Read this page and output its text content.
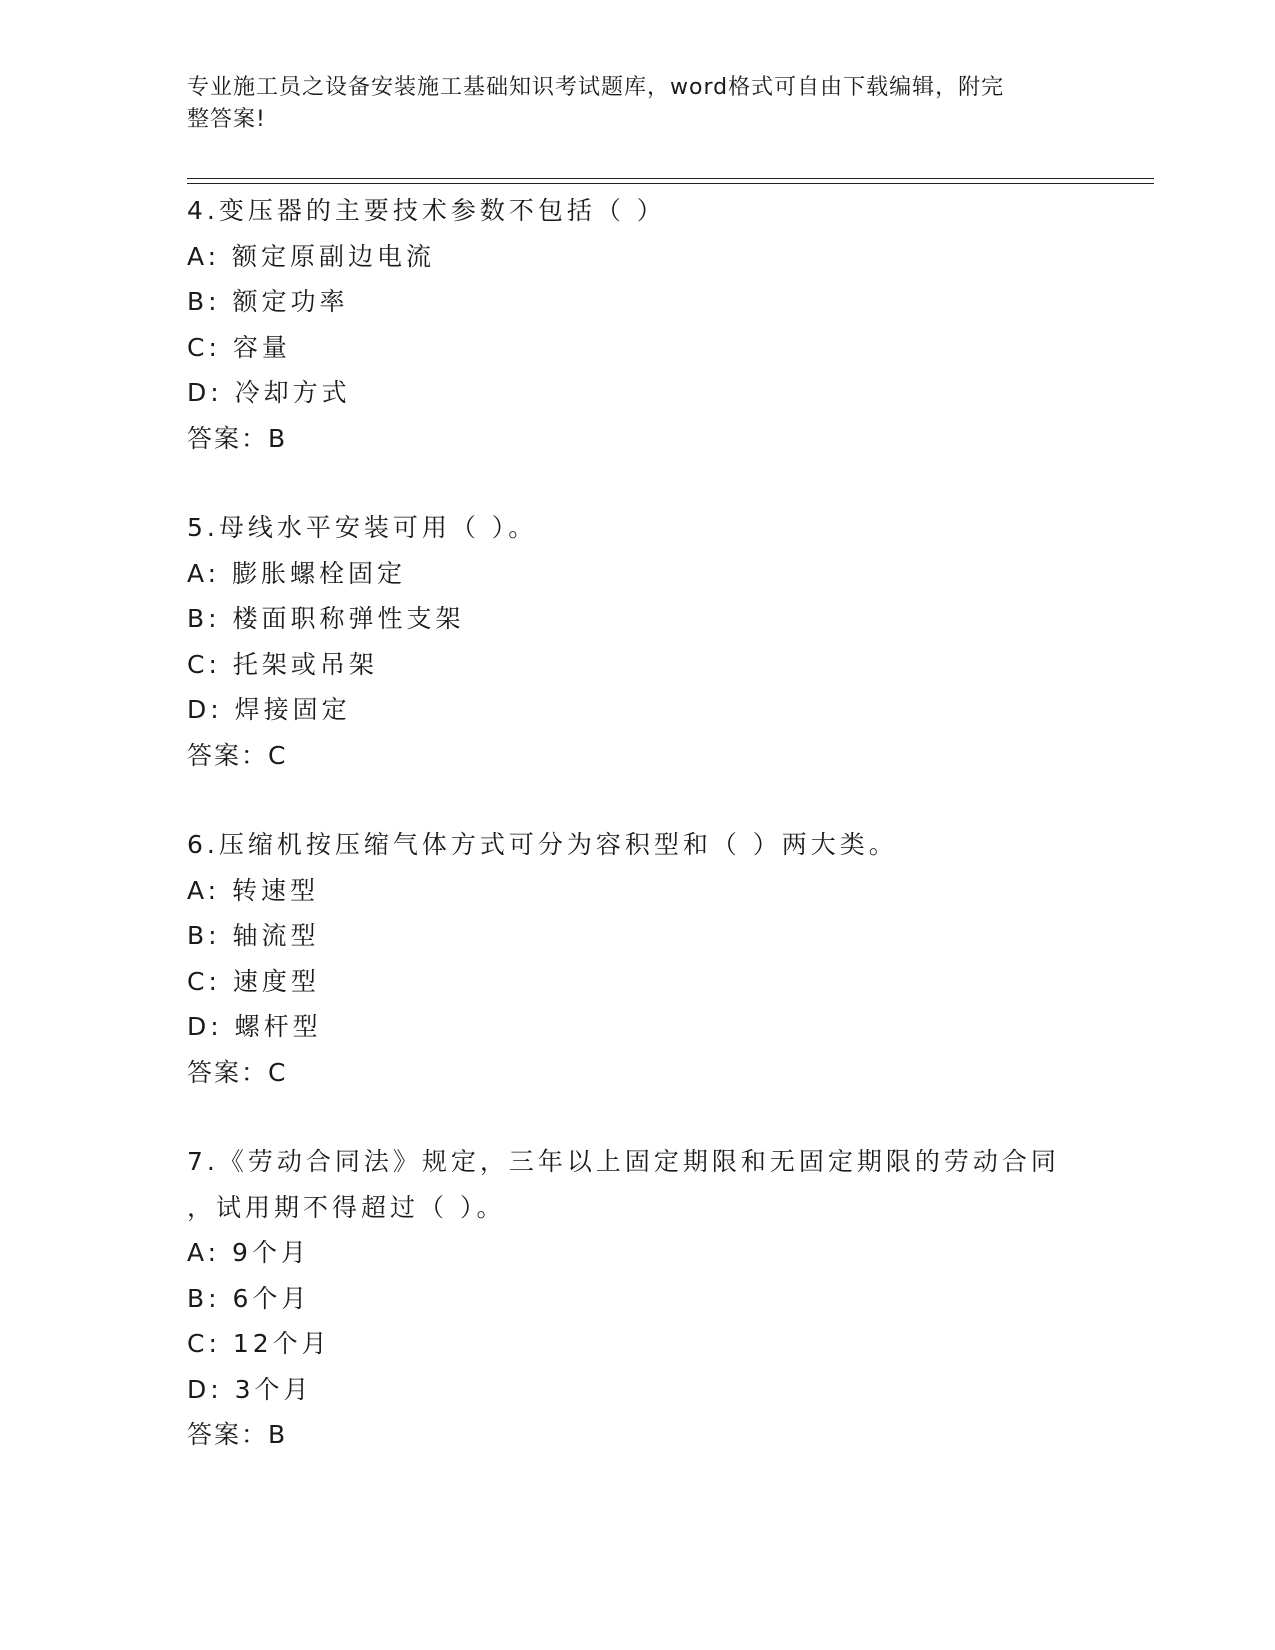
专业施工员之设备安装施工基础知识考试题库，word格式可自由下载编辑，附完
整答案!
4.变压器的主要技术参数不包括（ ）
A: 额定原副边电流
B: 额定功率
C: 容量
D: 冷却方式
答案：B
5.母线水平安装可用（ ）。
A: 膨胀螺栓固定
B: 楼面职称弹性支架
C: 托架或吊架
D: 焊接固定
答案：C
6.压缩机按压缩气体方式可分为容积型和（ ）两大类。
A: 转速型
B: 轴流型
C: 速度型
D: 螺杆型
答案：C
7.《劳动合同法》规定，三年以上固定期限和无固定期限的劳动合同
，试用期不得超过（ ）。
A: 9个月
B: 6个月
C: 12个月
D: 3个月
答案：B
